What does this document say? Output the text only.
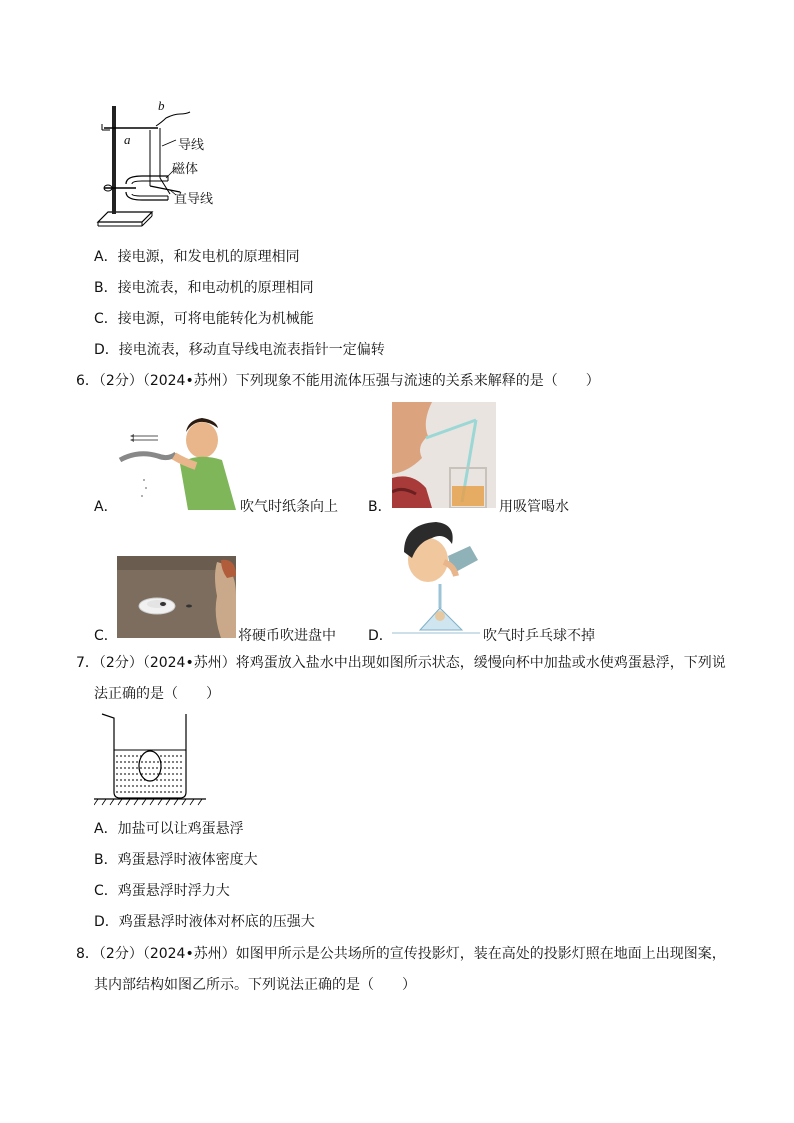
b
a	导线
磁体
直导线
A．接电源，和发电机的原理相同
B．接电流表，和电动机的原理相同
C．接电源，可将电能转化为机械能
D．接电流表，移动直导线电流表指针一定偏转
6．（2分）（2024•苏州）下列现象不能用流体压强与流速的关系来解释的是（　　）
A．	吹气时纸条向上 B．	用吸管喝水
C．	将硬币吹进盘中 D．	吹气时乒乓球不掉
7．（2分）（2024•苏州）将鸡蛋放入盐水中出现如图所示状态，缓慢向杯中加盐或水使鸡蛋悬浮，下列说
法正确的是（　　）
A．加盐可以让鸡蛋悬浮
B．鸡蛋悬浮时液体密度大
C．鸡蛋悬浮时浮力大
D．鸡蛋悬浮时液体对杯底的压强大
8．（2分）（2024•苏州）如图甲所示是公共场所的宣传投影灯，装在高处的投影灯照在地面上出现图案，
其内部结构如图乙所示。下列说法正确的是（　　）
